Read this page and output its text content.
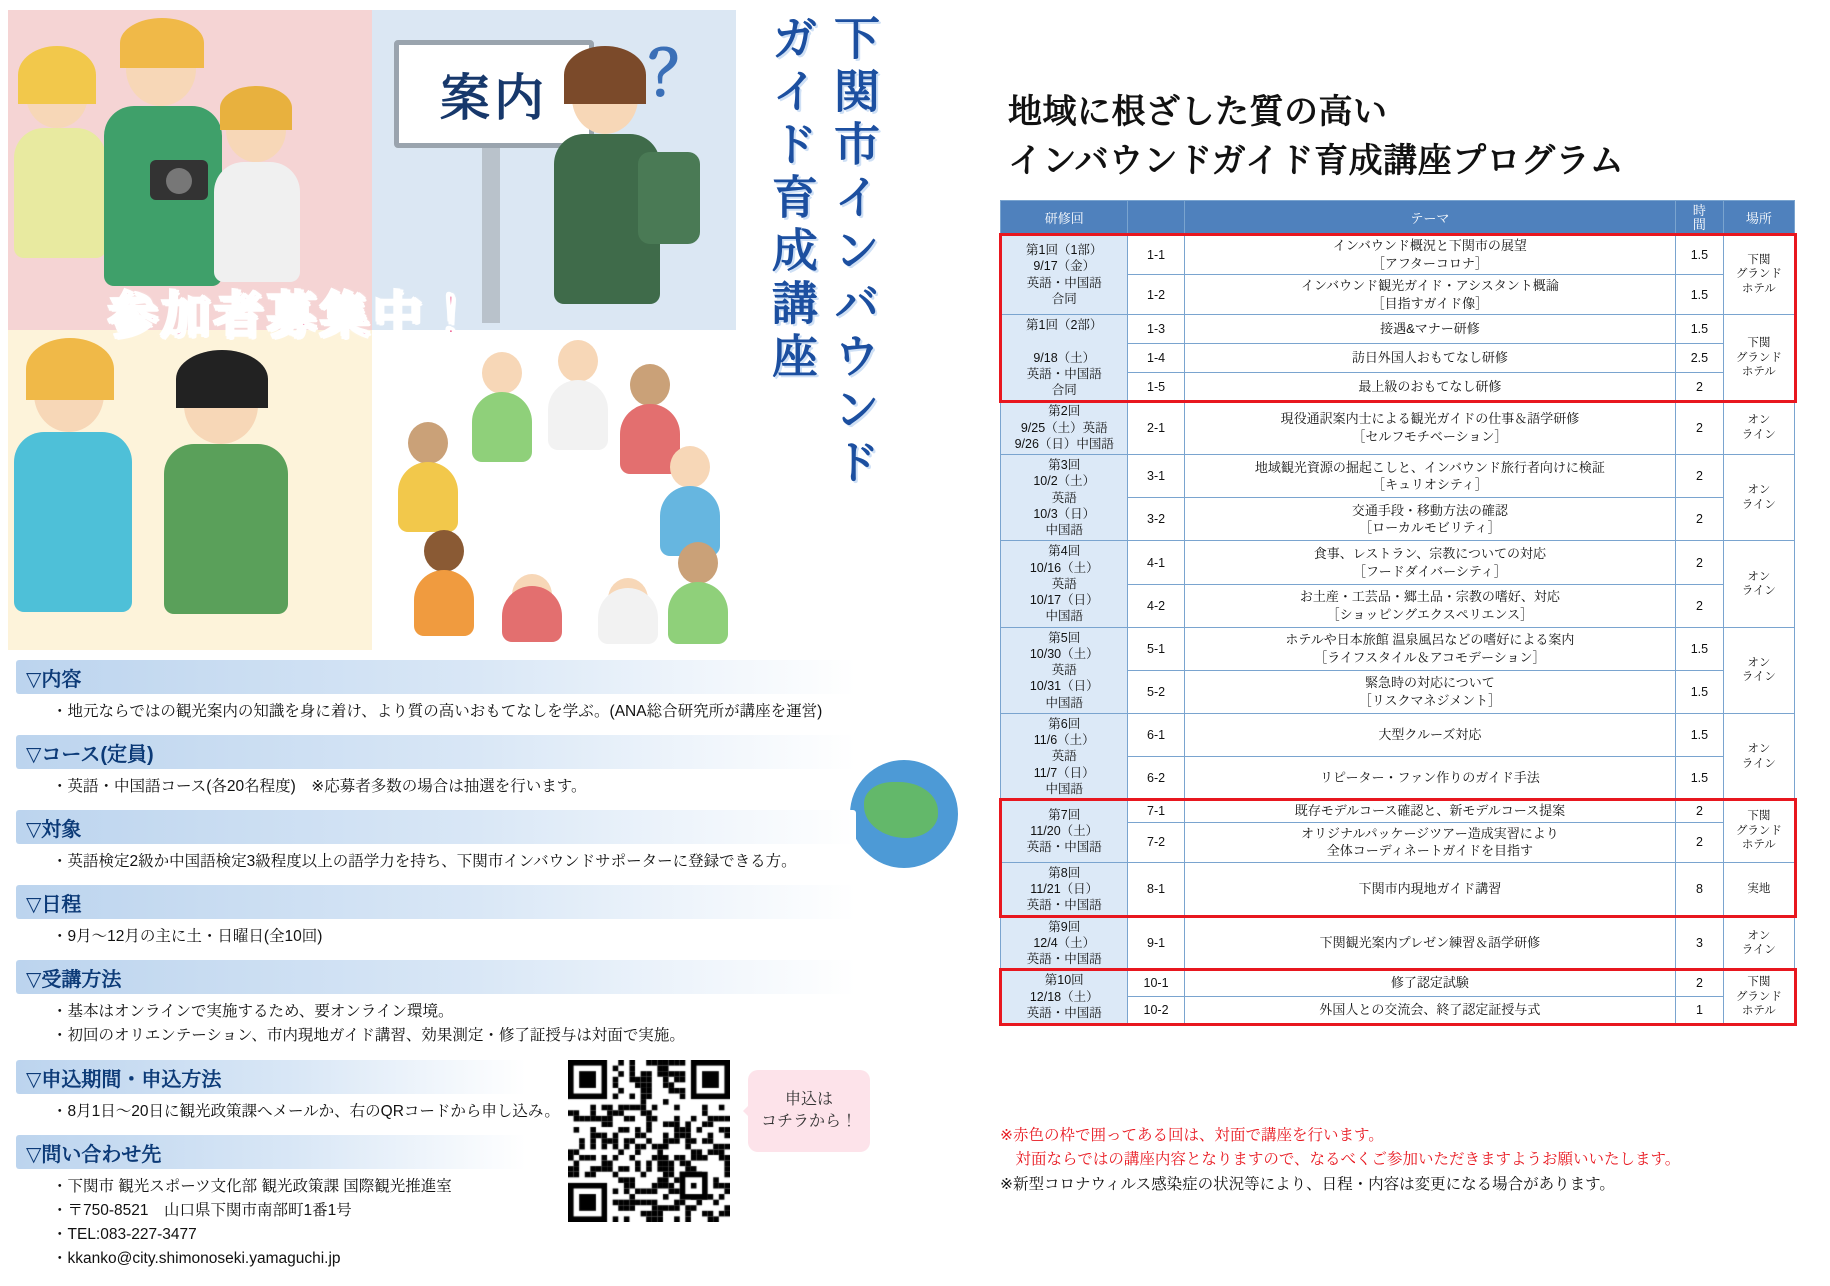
案内 ？
参加者募集中！	下関市インバウンド
ガイド育成講座
▽内容
・地元ならではの観光案内の知識を身に着け、より質の高いおもてなしを学ぶ。(ANA総合研究所が講座を運営)
▽コース(定員)
・英語・中国語コース(各20名程度)　※応募者多数の場合は抽選を行います。
▽対象
・英語検定2級か中国語検定3級程度以上の語学力を持ち、下関市インバウンドサポーターに登録できる方。
▽日程
・9月～12月の主に土・日曜日(全10回)
▽受講方法
・基本はオンラインで実施するため、要オンライン環境。
・初回のオリエンテーション、市内現地ガイド講習、効果測定・修了証授与は対面で実施。
▽申込期間・申込方法
・8月1日～20日に観光政策課へメールか、右のQRコードから申し込み。
▽問い合わせ先
・下関市 観光スポーツ文化部 観光政策課 国際観光推進室
・〒750-8521　山口県下関市南部町1番1号
・TEL:083-227-3477
・kkanko@city.shimonoseki.yamaguchi.jp
申込は
コチラから！
地域に根ざした質の高い
インバウンドガイド育成講座プログラム
研修回		テーマ	時
間	場所

第1回（1部）
9/17（金）
英語・中国語
合同	1-1	インバウンド概況と下関市の展望
［アフターコロナ］	1.5	下関
グランド
ホテル

	1-2	インバウンド観光ガイド・アシスタント概論
［目指すガイド像］	1.5	

第1回（2部）

9/18（土）
英語・中国語
合同	1-3	接遇&マナー研修	1.5	下関
グランド
ホテル

	1-4	訪日外国人おもてなし研修	2.5	
	1-5	最上級のおもてなし研修	2	

第2回
9/25（土）英語
9/26（日）中国語	2-1	現役通訳案内士による観光ガイドの仕事＆語学研修
［セルフモチベーション］	2	オン
ライン

第3回
10/2（土）
英語
10/3（日）
中国語	3-1	地域観光資源の掘起こしと、インバウンド旅行者向けに検証
［キュリオシティ］	2	オン
ライン

	3-2	交通手段・移動方法の確認
［ローカルモビリティ］	2	

第4回
10/16（土）
英語
10/17（日）
中国語	4-1	食事、レストラン、宗教についての対応
［フードダイバーシティ］	2	オン
ライン

	4-2	お土産・工芸品・郷土品・宗教の嗜好、対応
［ショッピングエクスペリエンス］	2	

第5回
10/30（土）
英語
10/31（日）
中国語	5-1	ホテルや日本旅館 温泉風呂などの嗜好による案内
［ライフスタイル＆アコモデーション］	1.5	オン
ライン

	5-2	緊急時の対応について
［リスクマネジメント］	1.5	

第6回
11/6（土）
英語
11/7（日）
中国語	6-1	大型クルーズ対応	1.5	オン
ライン

	6-2	リピーター・ファン作りのガイド手法	1.5	

第7回
11/20（土）
英語・中国語	7-1	既存モデルコース確認と、新モデルコース提案	2	下関
グランド
ホテル

	7-2	オリジナルパッケージツアー造成実習により
全体コーディネートガイドを目指す	2	

第8回
11/21（日）
英語・中国語	8-1	下関市内現地ガイド講習	8	実地

第9回
12/4（土）
英語・中国語	9-1	下関観光案内プレゼン練習＆語学研修	3	オン
ライン

第10回
12/18（土）
英語・中国語	10-1	修了認定試験	2	下関
グランド
ホテル

	10-2	外国人との交流会、終了認定証授与式	1	
※赤色の枠で囲ってある回は、対面で講座を行います。
　対面ならではの講座内容となりますので、なるべくご参加いただきますようお願いいたします。
※新型コロナウィルス感染症の状況等により、日程・内容は変更になる場合があります。
